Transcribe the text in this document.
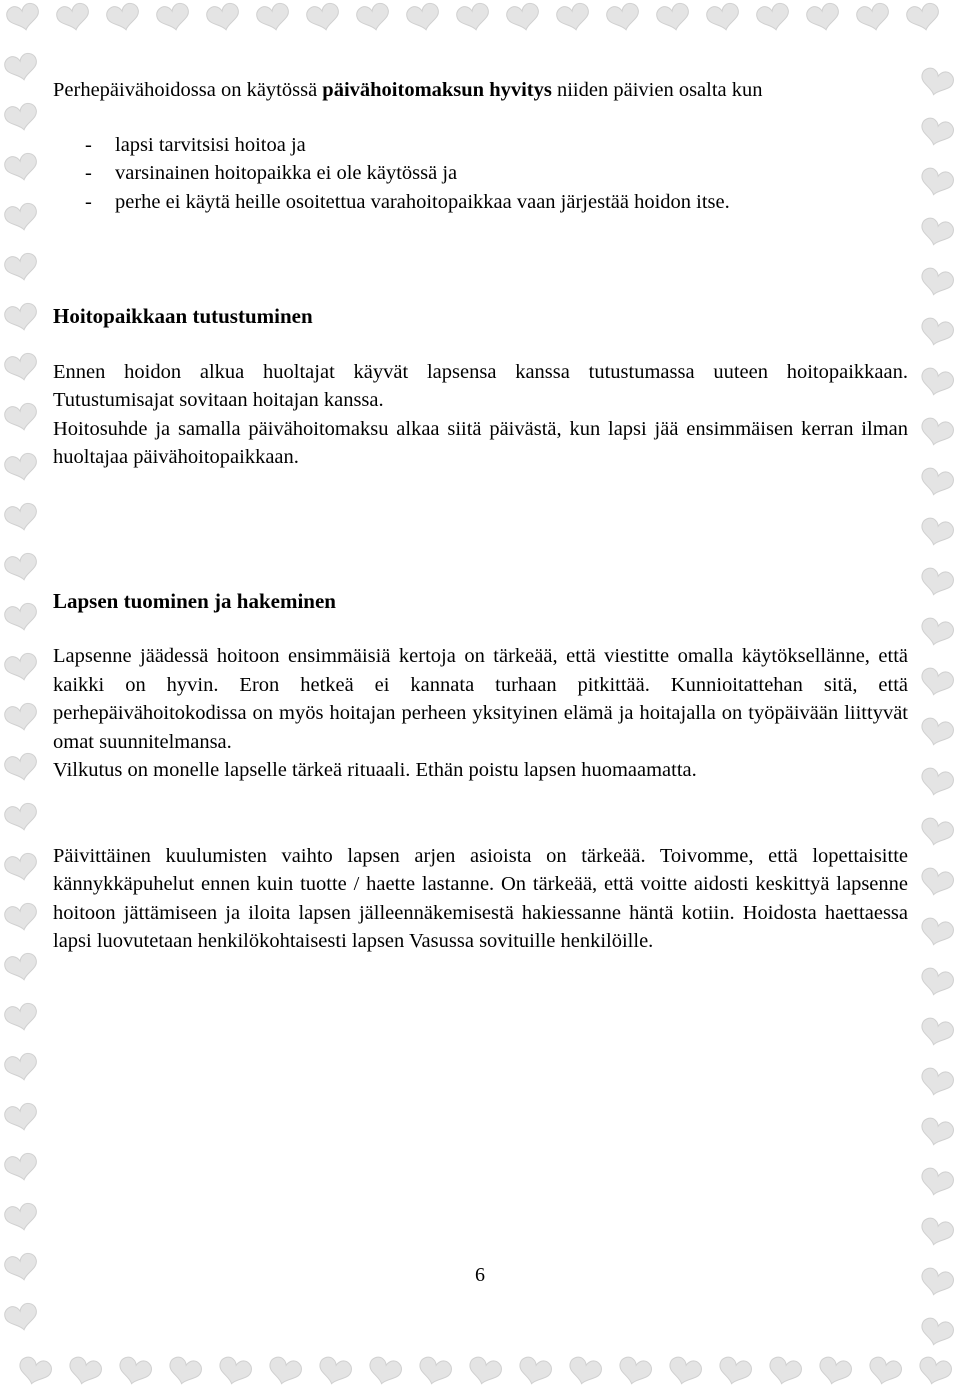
Perhepäivähoidossa on käytössä päivähoitomaksun hyvitys niiden päivien osalta kun

- lapsi tarvitsisi hoitoa ja
- varsinainen hoitopaikka ei ole käytössä ja
- perhe ei käytä heille osoitettua varahoitopaikkaa vaan järjestää hoidon itse.
Hoitopaikkaan tutustuminen

Ennen hoidon alkua huoltajat käyvät lapsensa kanssa tutustumassa uuteen hoitopaikkaan. Tutustumisajat sovitaan hoitajan kanssa.

Hoitosuhde ja samalla päivähoitomaksu alkaa siitä päivästä, kun lapsi jää ensimmäisen kerran ilman huoltajaa päivähoitopaikkaan.

Lapsen tuominen ja hakeminen

Lapsenne jäädessä hoitoon ensimmäisiä kertoja on tärkeää, että viestitte omalla käytöksellänne, että kaikki on hyvin. Eron hetkeä ei kannata turhaan pitkittää. Kunnioitattehan sitä, että perhepäivähoitokodissa on myös hoitajan perheen yksityinen elämä ja hoitajalla on työpäivään liittyvät omat suunnitelmansa.

Vilkutus on monelle lapselle tärkeä rituaali. Ethän poistu lapsen huomaamatta.

Päivittäinen kuulumisten vaihto lapsen arjen asioista on tärkeää. Toivomme, että lopettaisitte kännykkäpuhelut ennen kuin tuotte / haette lastanne. On tärkeää, että voitte aidosti keskittyä lapsenne hoitoon jättämiseen ja iloita lapsen jälleennäkemisestä hakiessanne häntä kotiin. Hoidosta haettaessa lapsi luovutetaan henkilökohtaisesti lapsen Vasussa sovituille henkilöille.

6
